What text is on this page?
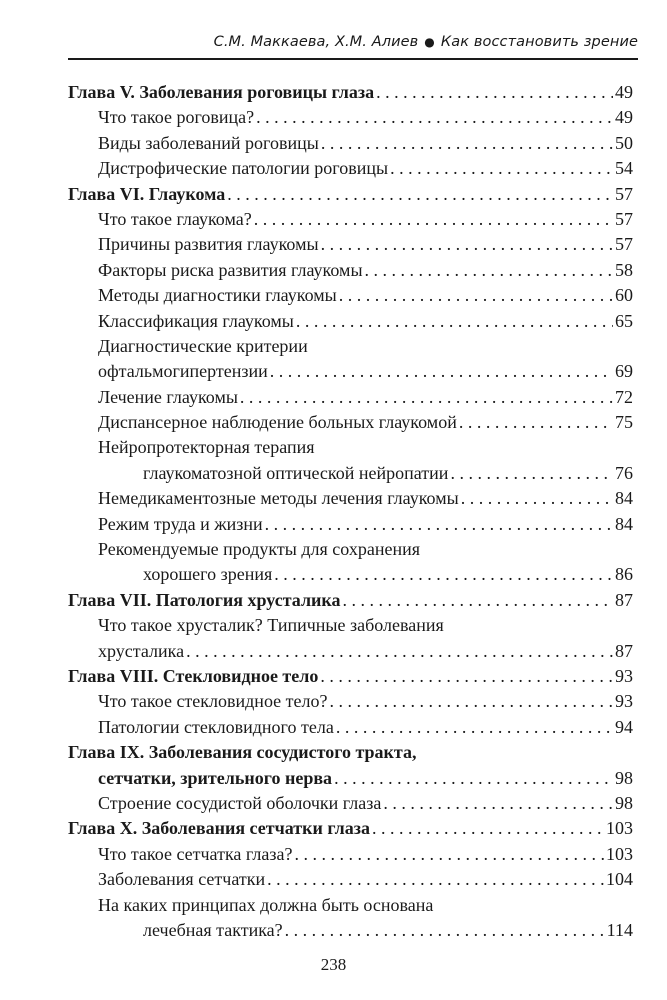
С.М. Маккаева, Х.М. Алиев ● Как восстановить зрение
Глава V. Заболевания роговицы глаза . . .	49
Что такое роговица? . . .	49
Виды заболеваний роговицы . . .	50
Дистрофические патологии роговицы . . .	54
Глава VI. Глаукома . . .	57
Что такое глаукома? . . .	57
Причины развития глаукомы . . .	57
Факторы риска развития глаукомы . . .	58
Методы диагностики глаукомы . . .	60
Классификация глаукомы . . .	65
Диагностические критерии
офтальмогипертензии . . .	69
Лечение глаукомы . . .	72
Диспансерное наблюдение больных глаукомой . . .	75
Нейропротекторная терапия
глаукоматозной оптической нейропатии . . .	76
Немедикаментозные методы лечения глаукомы . . .	84
Режим труда и жизни . . .	84
Рекомендуемые продукты для сохранения
хорошего зрения . . .	86
Глава VII. Патология хрусталика . . .	87
Что такое хрусталик? Типичные заболевания
хрусталика . . .	87
Глава VIII. Стекловидное тело . . .	93
Что такое стекловидное тело? . . .	93
Патологии стекловидного тела . . .	94
Глава IX. Заболевания сосудистого тракта,
сетчатки, зрительного нерва . . .	98
Строение сосудистой оболочки глаза . . .	98
Глава X. Заболевания сетчатки глаза . . .	103
Что такое сетчатка глаза? . . .	103
Заболевания сетчатки . . .	104
На каких принципах должна быть основана
лечебная тактика? . . .	114
238
